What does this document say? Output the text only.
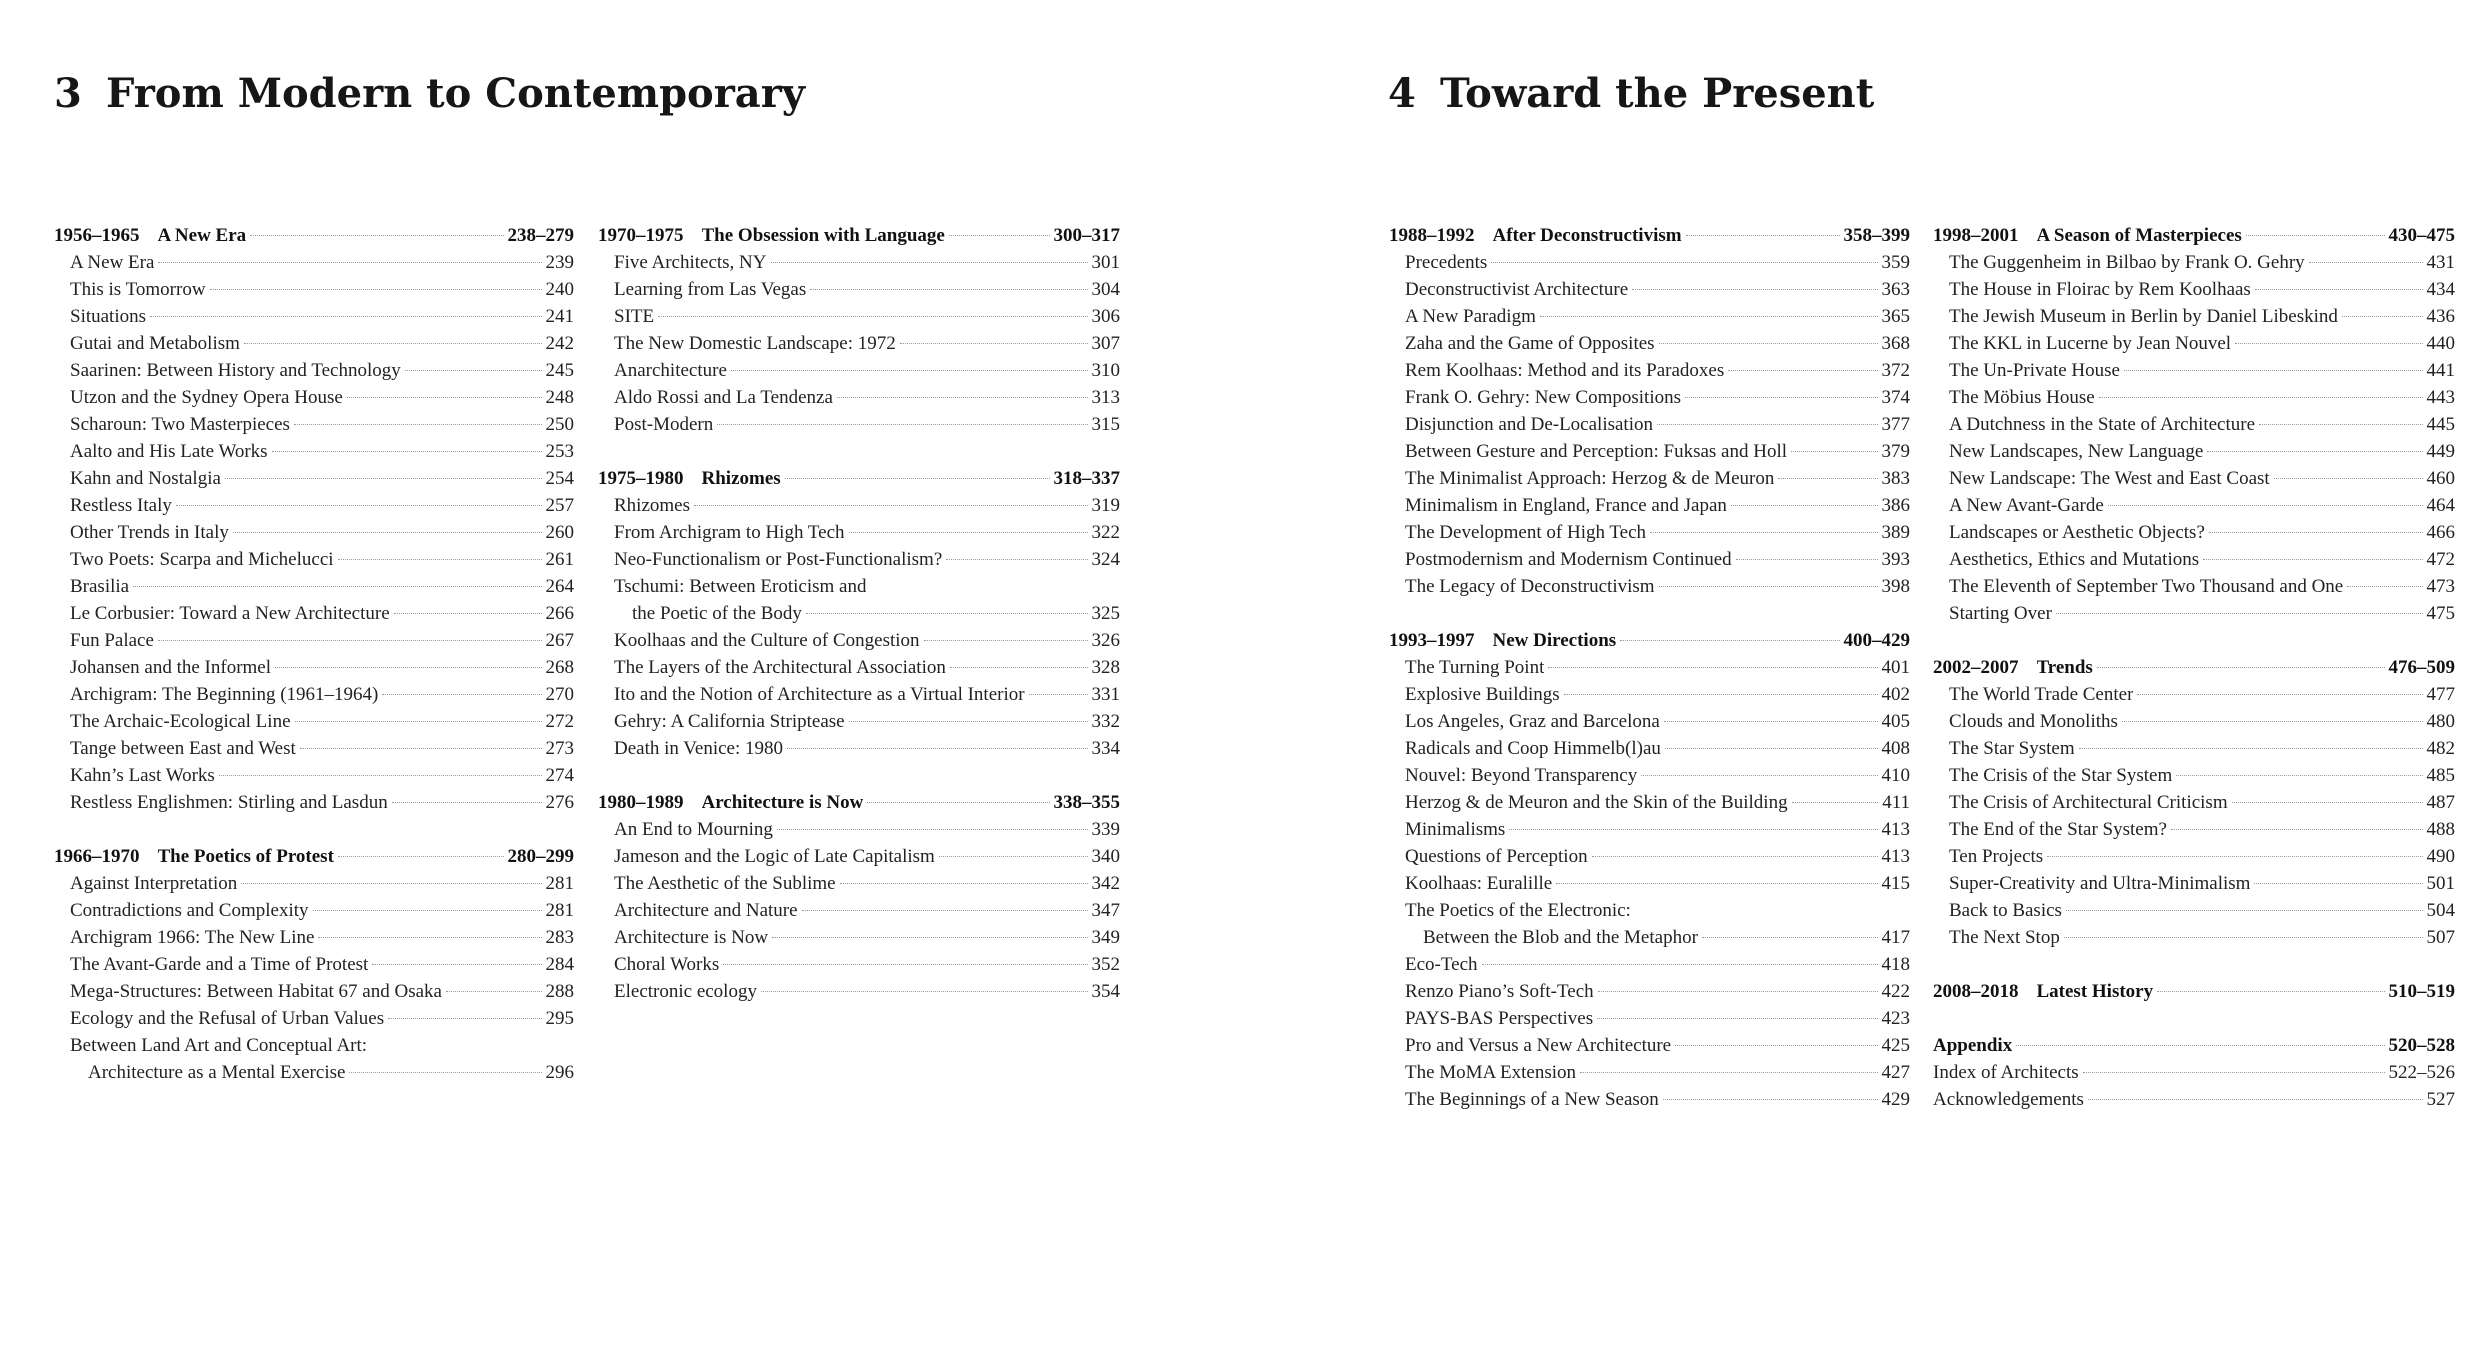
3 From Modern to Contemporary	4 Toward the Present
1956–1965 A New Era	238–279
A New Era	239
This is Tomorrow	240
Situations	241
Gutai and Metabolism	242
Saarinen: Between History and Technology	245
Utzon and the Sydney Opera House	248
Scharoun: Two Masterpieces	250
Aalto and His Late Works	253
Kahn and Nostalgia	254
Restless Italy	257
Other Trends in Italy	260
Two Poets: Scarpa and Michelucci	261
Brasilia	264
Le Corbusier: Toward a New Architecture	266
Fun Palace	267
Johansen and the Informel	268
Archigram: The Beginning (1961–1964)	270
The Archaic-Ecological Line	272
Tange between East and West	273
Kahn’s Last Works	274
Restless Englishmen: Stirling and Lasdun	276
1966–1970 The Poetics of Protest	280–299
Against Interpretation	281
Contradictions and Complexity	281
Archigram 1966: The New Line	283
The Avant-Garde and a Time of Protest	284
Mega-Structures: Between Habitat 67 and Osaka	288
Ecology and the Refusal of Urban Values	295
Between Land Art and Conceptual Art:
Architecture as a Mental Exercise	296
1970–1975 The Obsession with Language	300–317
Five Architects, NY	301
Learning from Las Vegas	304
SITE	306
The New Domestic Landscape: 1972	307
Anarchitecture	310
Aldo Rossi and La Tendenza	313
Post-Modern	315
1975–1980 Rhizomes	318–337
Rhizomes	319
From Archigram to High Tech	322
Neo-Functionalism or Post-Functionalism?	324
Tschumi: Between Eroticism and
the Poetic of the Body	325
Koolhaas and the Culture of Congestion	326
The Layers of the Architectural Association	328
Ito and the Notion of Architecture as a Virtual Interior	331
Gehry: A California Striptease	332
Death in Venice: 1980	334
1980–1989 Architecture is Now	338–355
An End to Mourning	339
Jameson and the Logic of Late Capitalism	340
The Aesthetic of the Sublime	342
Architecture and Nature	347
Architecture is Now	349
Choral Works	352
Electronic ecology	354
1988–1992 After Deconstructivism	358–399
Precedents	359
Deconstructivist Architecture	363
A New Paradigm	365
Zaha and the Game of Opposites	368
Rem Koolhaas: Method and its Paradoxes	372
Frank O. Gehry: New Compositions	374
Disjunction and De-Localisation	377
Between Gesture and Perception: Fuksas and Holl	379
The Minimalist Approach: Herzog & de Meuron	383
Minimalism in England, France and Japan	386
The Development of High Tech	389
Postmodernism and Modernism Continued	393
The Legacy of Deconstructivism	398
1993–1997 New Directions	400–429
The Turning Point	401
Explosive Buildings	402
Los Angeles, Graz and Barcelona	405
Radicals and Coop Himmelb(l)au	408
Nouvel: Beyond Transparency	410
Herzog & de Meuron and the Skin of the Building	411
Minimalisms	413
Questions of Perception	413
Koolhaas: Euralille	415
The Poetics of the Electronic:
Between the Blob and the Metaphor	417
Eco-Tech	418
Renzo Piano’s Soft-Tech	422
PAYS-BAS Perspectives	423
Pro and Versus a New Architecture	425
The MoMA Extension	427
The Beginnings of a New Season	429
1998–2001 A Season of Masterpieces	430–475
The Guggenheim in Bilbao by Frank O. Gehry	431
The House in Floirac by Rem Koolhaas	434
The Jewish Museum in Berlin by Daniel Libeskind	436
The KKL in Lucerne by Jean Nouvel	440
The Un-Private House	441
The Möbius House	443
A Dutchness in the State of Architecture	445
New Landscapes, New Language	449
New Landscape: The West and East Coast	460
A New Avant-Garde	464
Landscapes or Aesthetic Objects?	466
Aesthetics, Ethics and Mutations	472
The Eleventh of September Two Thousand and One	473
Starting Over	475
2002–2007 Trends	476–509
The World Trade Center	477
Clouds and Monoliths	480
The Star System	482
The Crisis of the Star System	485
The Crisis of Architectural Criticism	487
The End of the Star System?	488
Ten Projects	490
Super-Creativity and Ultra-Minimalism	501
Back to Basics	504
The Next Stop	507
2008–2018 Latest History	510–519
Appendix	520–528
Index of Architects	522–526
Acknowledgements	527
